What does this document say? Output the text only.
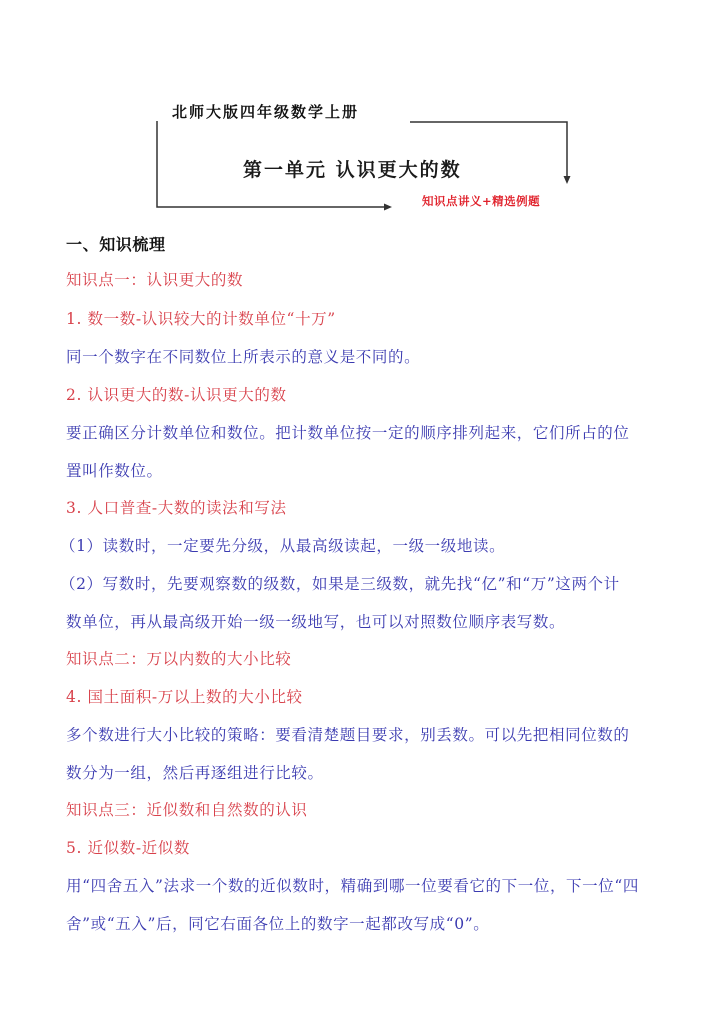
北师大版四年级数学上册
第一单元 认识更大的数
知识点讲义+精选例题
一、知识梳理
知识点一：认识更大的数
1. 数一数-认识较大的计数单位“十万”
同一个数字在不同数位上所表示的意义是不同的。
2. 认识更大的数-认识更大的数
要正确区分计数单位和数位。把计数单位按一定的顺序排列起来，它们所占的位
置叫作数位。
3. 人口普查-大数的读法和写法
（1）读数时，一定要先分级，从最高级读起，一级一级地读。
（2）写数时，先要观察数的级数，如果是三级数，就先找“亿”和“万”这两个计
数单位，再从最高级开始一级一级地写，也可以对照数位顺序表写数。
知识点二：万以内数的大小比较
4. 国土面积-万以上数的大小比较
多个数进行大小比较的策略：要看清楚题目要求，别丢数。可以先把相同位数的
数分为一组，然后再逐组进行比较。
知识点三：近似数和自然数的认识
5. 近似数-近似数
用“四舍五入”法求一个数的近似数时，精确到哪一位要看它的下一位，下一位“四
舍”或“五入”后，同它右面各位上的数字一起都改写成“0”。
